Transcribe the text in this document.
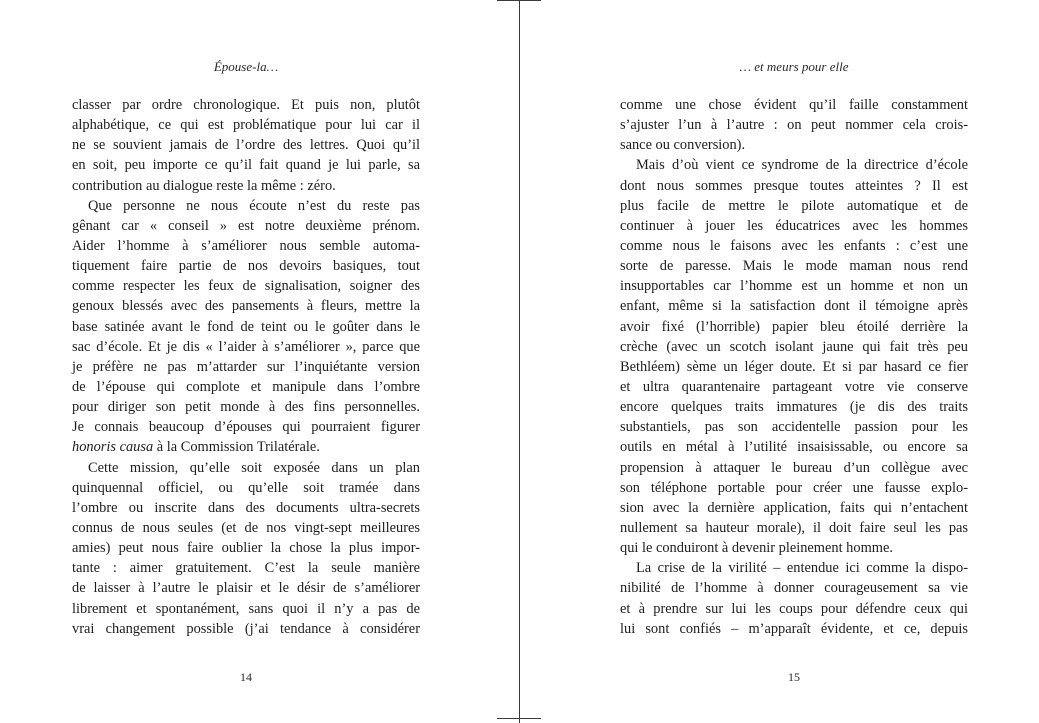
Épouse-la…
classer par ordre chronologique. Et puis non, plutôt
alphabétique, ce qui est problématique pour lui car il
ne se souvient jamais de l’ordre des lettres. Quoi qu’il
en soit, peu importe ce qu’il fait quand je lui parle, sa
contribution au dialogue reste la même : zéro.
Que personne ne nous écoute n’est du reste pas
gênant car « conseil » est notre deuxième prénom.
Aider l’homme à s’améliorer nous semble automa-
tiquement faire partie de nos devoirs basiques, tout
comme respecter les feux de signalisation, soigner des
genoux blessés avec des pansements à fleurs, mettre la
base satinée avant le fond de teint ou le goûter dans le
sac d’école. Et je dis « l’aider à s’améliorer », parce que
je préfère ne pas m’attarder sur l’inquiétante version
de l’épouse qui complote et manipule dans l’ombre
pour diriger son petit monde à des fins personnelles.
Je connais beaucoup d’épouses qui pourraient figurer
honoris causa à la Commission Trilatérale.
Cette mission, qu’elle soit exposée dans un plan
quinquennal officiel, ou qu’elle soit tramée dans
l’ombre ou inscrite dans des documents ultra-secrets
connus de nous seules (et de nos vingt-sept meilleures
amies) peut nous faire oublier la chose la plus impor-
tante : aimer gratuitement. C’est la seule manière
de laisser à l’autre le plaisir et le désir de s’améliorer
librement et spontanément, sans quoi il n’y a pas de
vrai changement possible (j’ai tendance à considérer
14
… et meurs pour elle
comme une chose évident qu’il faille constamment
s’ajuster l’un à l’autre : on peut nommer cela crois-
sance ou conversion).
Mais d’où vient ce syndrome de la directrice d’école
dont nous sommes presque toutes atteintes ? Il est
plus facile de mettre le pilote automatique et de
continuer à jouer les éducatrices avec les hommes
comme nous le faisons avec les enfants : c’est une
sorte de paresse. Mais le mode maman nous rend
insupportables car l’homme est un homme et non un
enfant, même si la satisfaction dont il témoigne après
avoir fixé (l’horrible) papier bleu étoilé derrière la
crèche (avec un scotch isolant jaune qui fait très peu
Bethléem) sème un léger doute. Et si par hasard ce fier
et ultra quarantenaire partageant votre vie conserve
encore quelques traits immatures (je dis des traits
substantiels, pas son accidentelle passion pour les
outils en métal à l’utilité insaisissable, ou encore sa
propension à attaquer le bureau d’un collègue avec
son téléphone portable pour créer une fausse explo-
sion avec la dernière application, faits qui n’entachent
nullement sa hauteur morale), il doit faire seul les pas
qui le conduiront à devenir pleinement homme.
La crise de la virilité – entendue ici comme la dispo-
nibilité de l’homme à donner courageusement sa vie
et à prendre sur lui les coups pour défendre ceux qui
lui sont confiés – m’apparaît évidente, et ce, depuis
15
